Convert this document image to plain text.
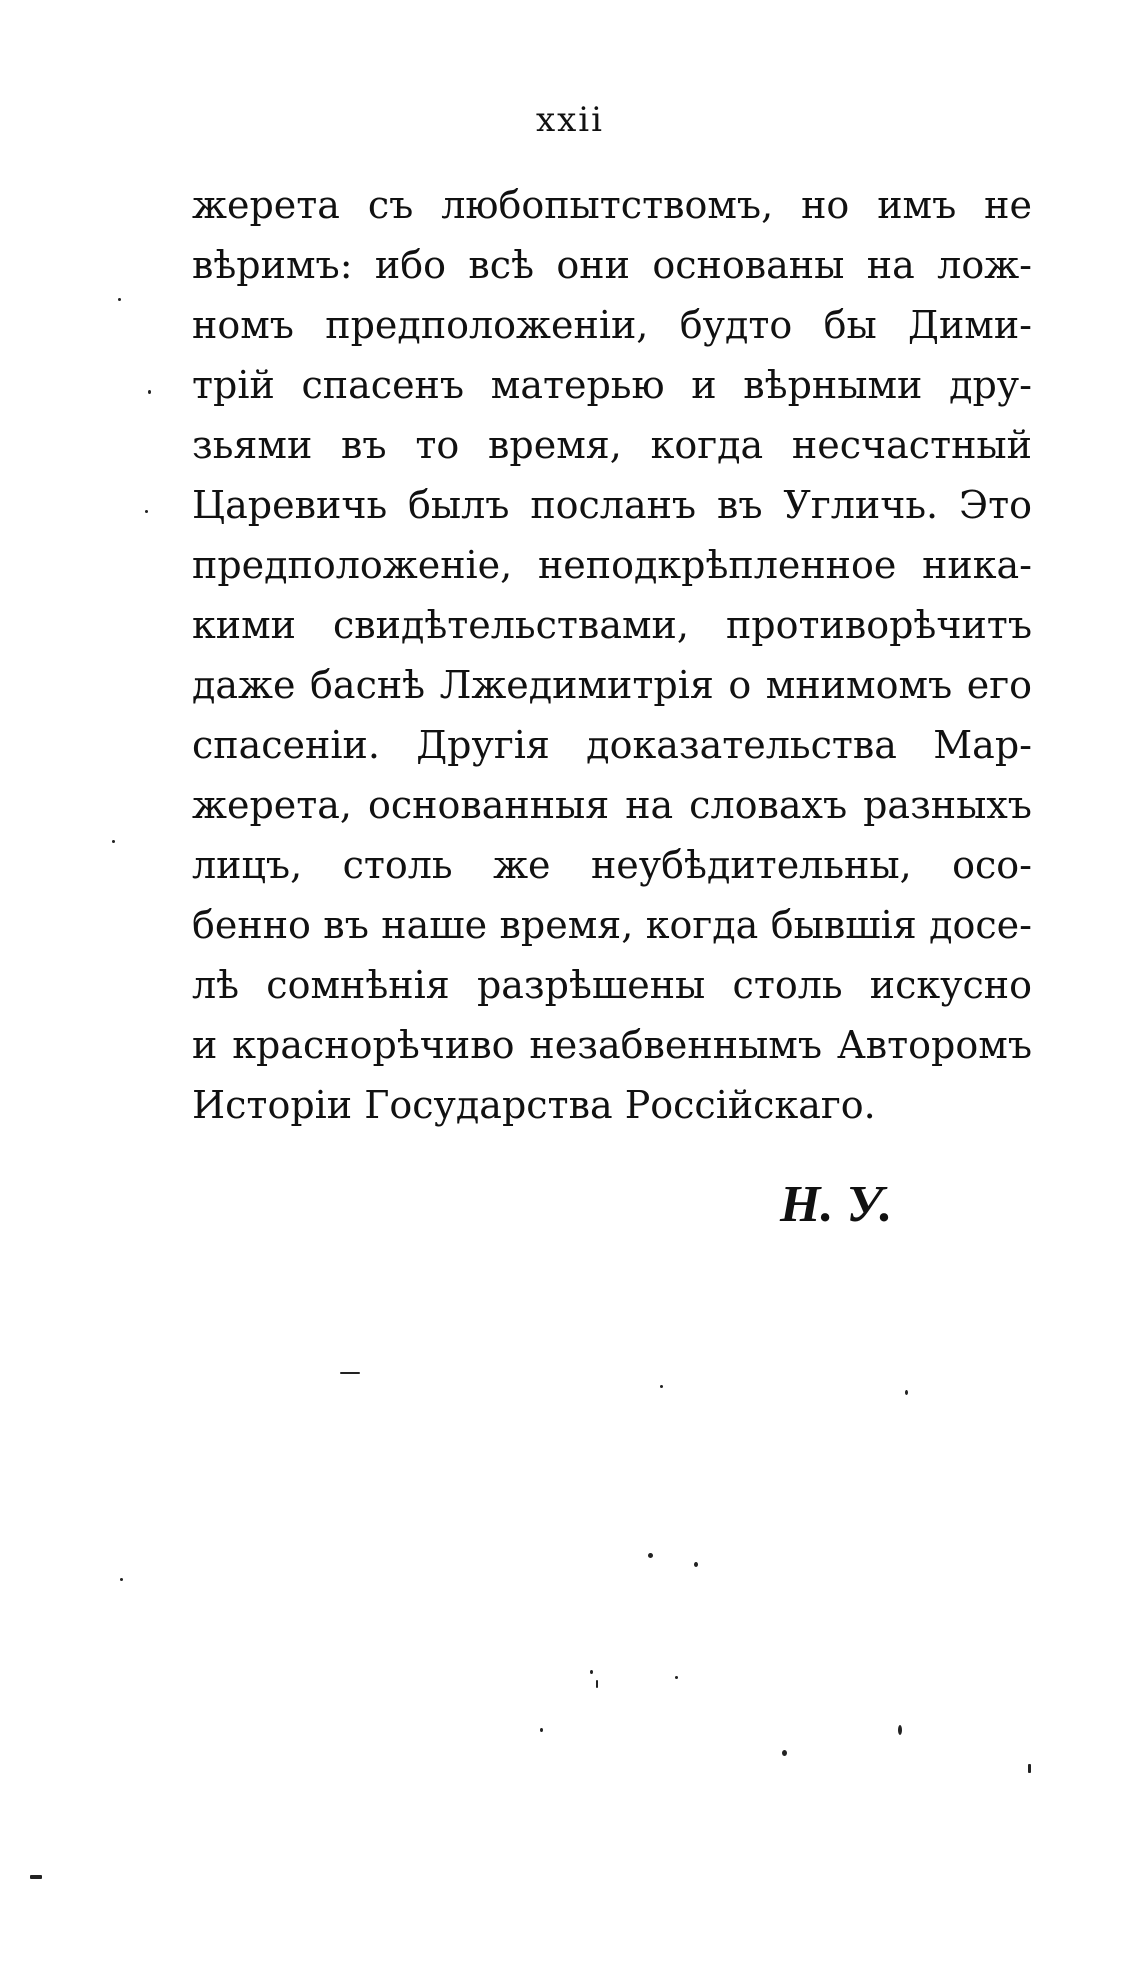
xxii
жерета съ любопытствомъ, но имъ не
вѣримъ: ибо всѣ они основаны на лож-
номъ предположеніи, будто бы Дими-
трій спасенъ матерью и вѣрными дру-
зьями въ то время, когда несчастный
Царевичь былъ посланъ въ Угличь. Это
предположеніе, неподкрѣпленное ника-
кими свидѣтельствами, противорѣчитъ
даже баснѣ Лжедимитрія о мнимомъ его
спасеніи. Другія доказательства Мар-
жерета, основанныя на словахъ разныхъ
лицъ, столь же неубѣдительны, осо-
бенно въ наше время, когда бывшія досе-
лѣ сомнѣнія разрѣшены столь искусно
и краснорѣчиво незабвеннымъ Авторомъ
Исторіи Государства Россійскаго.
Н. У.
